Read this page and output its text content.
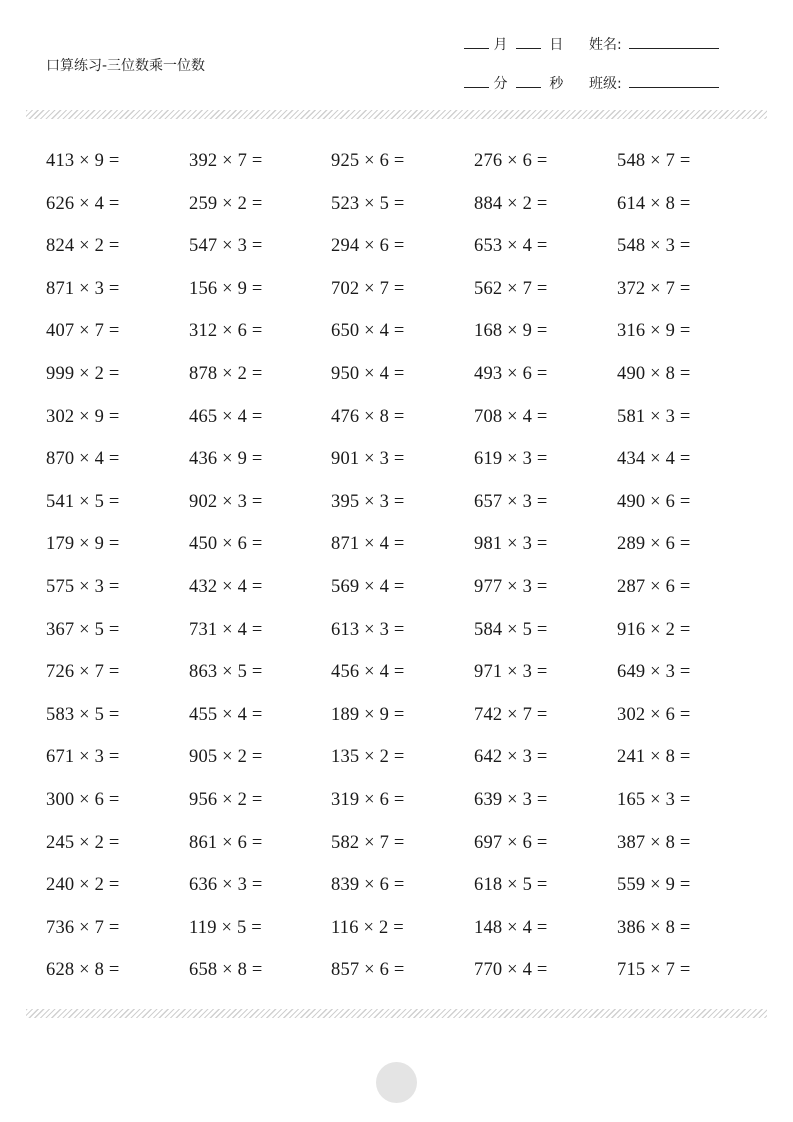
口算练习-三位数乘一位数
月	日 姓名:
分	秒 班级:
413 × 9 =	392 × 7 =	925 × 6 =	276 × 6 =	548 × 7 =
626 × 4 =	259 × 2 =	523 × 5 =	884 × 2 =	614 × 8 =
824 × 2 =	547 × 3 =	294 × 6 =	653 × 4 =	548 × 3 =
871 × 3 =	156 × 9 =	702 × 7 =	562 × 7 =	372 × 7 =
407 × 7 =	312 × 6 =	650 × 4 =	168 × 9 =	316 × 9 =
999 × 2 =	878 × 2 =	950 × 4 =	493 × 6 =	490 × 8 =
302 × 9 =	465 × 4 =	476 × 8 =	708 × 4 =	581 × 3 =
870 × 4 =	436 × 9 =	901 × 3 =	619 × 3 =	434 × 4 =
541 × 5 =	902 × 3 =	395 × 3 =	657 × 3 =	490 × 6 =
179 × 9 =	450 × 6 =	871 × 4 =	981 × 3 =	289 × 6 =
575 × 3 =	432 × 4 =	569 × 4 =	977 × 3 =	287 × 6 =
367 × 5 =	731 × 4 =	613 × 3 =	584 × 5 =	916 × 2 =
726 × 7 =	863 × 5 =	456 × 4 =	971 × 3 =	649 × 3 =
583 × 5 =	455 × 4 =	189 × 9 =	742 × 7 =	302 × 6 =
671 × 3 =	905 × 2 =	135 × 2 =	642 × 3 =	241 × 8 =
300 × 6 =	956 × 2 =	319 × 6 =	639 × 3 =	165 × 3 =
245 × 2 =	861 × 6 =	582 × 7 =	697 × 6 =	387 × 8 =
240 × 2 =	636 × 3 =	839 × 6 =	618 × 5 =	559 × 9 =
736 × 7 =	119 × 5 =	116 × 2 =	148 × 4 =	386 × 8 =
628 × 8 =	658 × 8 =	857 × 6 =	770 × 4 =	715 × 7 =
